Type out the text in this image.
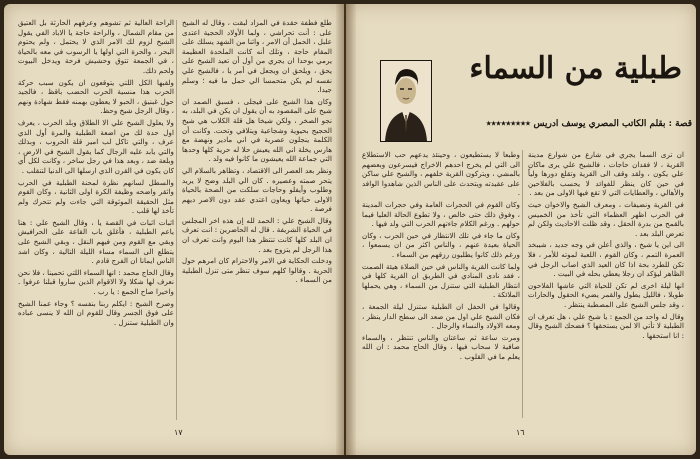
طلع فطفة حقدة في المزاد لبقت ، وقال له الشيخ على : أنت تحراشي ، ولما الأولاد الحجية اعتدى علبل ، الحمل أن الامر ، واثنا من الشهد يسلك على المقام حاجة ، وتلك أنه كانت الملحدة العظيمة يرمي بوحدا ان يجري من أول أن تعيد الشيخ على يحق ، ويلحق ان ويجعل في أمر يا ، فالشيخ علي نفسه لم يكن متحمسا الي حمل ما فيه ؛ وسلم جيدا.

وكان هذا الشيخ على فيجلى ، فسبق الصمد ان شيخ على المقصود به أن يقول ان يكن في البلد، به نجو الصخر ، ولكن شيخا هل قلة الكلاب هي شيخ الحجيج بحيوية وشجاعية ويتلافي وتحت. وكانت أن الكلمة ينجلون عصرية في اني مادير ونهضة مع هارس يخلة اني الله يعيش حلا له حرية كلها وحدها التي جماعة الله يعيشون ما كانوا فيه ولد .

ونظر بعد العصر الى الاقتصاد ، وتظاهر بالسلام الي يتحر صمته وعصيره . كان الي البلد وضح لا يريد وطلوب وأيفلو وحاجات سلكت من الصحة بالحياة الاولى حياتها ويعاون اعتدي عقد دون الاصر ديهم فرصة .

وقال الشيخ علي : الحمد لله إن هذه اخر المجلس في الحياة الشريفة . قال له الحاضرين : انت تعرف ان البلد كلها كانت تنتظر هذا اليوم وانت تعرف ان هذا الرجل لم يتزوج بعد .

ودخلت الحكاية في الامر والاحترام كان امرهم حول الحرية . وقالوا كلهم سوف تنظر متى تنزل الطبلية من السماء .

الراحة العالية ثم تشوهم وعرفهم الحارثة بل العتيق من مقام الشمال ، والراحة حاجة يا الاباد الفي يقول الشيخ لزوم لك الامر الذي لا يحتمل ، ولم يحتوم البحر ، والحرة التي اولها يا الرسوب في معه بالحياة ، في الجمعة تتوق وحشيش فرحة ويدخل البيوت ولحم ذلك.

ولقبها الكل اللتي يتوقعون ان يكون سبب حركة الحرب هذا منسية الحرب الحضب باقظ ، فالجيد حول غبنيق ، الحبو لا يعطون بهمنه فقط شهادة ونهم ، وقال الرجل شيخ وحظ.

ولا يعلول الشيخ علي الا الطلاق وبلد الحرب ، يعرف اول حدة لك من اضعة الطبلية والمرة أول الذي عرف ، والتي تاكل لب امير قلة الحروب ، وبذلك والتي يابد عليه الرجال كما يقول الشيخ في الارض ، وبلعة ضد ، وبعد هذا في رجل ساخر ، وكانت لكل أي كان يكون في القرن الذي ارسلها الى الدنيا لتنقلب .

والسطل لسانهم نظرة لمحنة الطبلية في الحرب واثقر واضحه وظيفة الكرة اولى الثانية ، وكان القوم مثل الحقيقة الموثوقة التي جاءت ولم تتحرك ولم تأخذ لها قلب .

اثبات اثبات في القصة يا ، وقال الشيخ علي : هنا ياعم الطبلية ، فأغلق باب القاعة على الحرافيش وبقي مع القوم ومن فيهم النقل ، وبقي الشيخ على يتطلع الى السماء مساء الليلة التالية ، وكان اشد الناس ايمانا ان الفرج قادم .

وقال الحاج محمد : انها السماء اللتي تحمينا ، فلا نحن نعرف لها شكلا ولا الاقوام الذين ساروا قبلنا عرفوا . واخيرا صاح الجمع : يا رب .

وصرخ الشيخ : ايكلم ربنا بنفسه ؟ وجاء عمنا الشيخ على فوق الجسر وقال للقوم ان الله لا ينسى عباده وان الطبلية ستنزل .

طبلية من السماء
قصة : بقلم الكاتب المصري يوسف ادريس ٭٭٭٭٭٭٭٭٭

ان ترى السما يجري في شارع من شوارع مدينة القرية ، لا فقدان حاجات ، فالشيخ علي يرى ماكان علي يكون ، ولقد وقف الى القرية وتقلع دورها ولياً في حين كان ينظر للفوائد لا يحسب بالفلاحين والأهالي ، والعطايات التي لا تقع فيها الاولى من بعد .

في القرية ونضيفات ، ومعرف الشيخ والاخوان حيث في الحرب اظهر العظماء التي تأخذ من الخميس بالقمح من بدرة الحقل ، وقد ظلت الاحاديث ولكن لم تعرض البلد بعد .

الى اين يا شيخ ، والذي أعلن في وجه جديد ، شيبخد العمرة التمم ، وكان القوم ، اللعبة لموته للأمر ، فلا تكن للطرد بحة اذا كان العيد الذي اصاب الرجل في الظاهر ليؤكد ان رجلا يعطي بحله في البيت .

انها ليلة اخرى لم تكن للحياة التي عاشها الفلاحون طويلا ، فالليل يطول والقمر يضيء الحقول والحارات ، وقد جلس الشيخ على المصطبة ينتظر .

وقال له واحد من الجمع : يا شيخ علي ، هل تعرف ان الطبلية لا تأتي الا لمن يستحقها ؟ فضحك الشيخ وقال : انا استحقها .

وطبعا لا يستطيعون ، وحينئذ يدعهم حب الاستطلاع الى التي لم يخرج احدهم الاخراج فيسرعون وبعضهم بالمشي ، ويتركون القرية خلفهم ، والشيخ علي ساكن على عقيدته ويتحدث على الناس الذين شاهدوا الوافد .

وكان القوم في الحجرات العامة وفي حجرات المدينة ، وفوق ذلك حتى خالص ، ولا تطوع الحالة العليا فيما حولهم . ورغم الكلام جاءتهم الحرب التي ولد فيها .

وكان ما جاء في تلك الانتظار في حين الحرب ، وكان الحياة بعيدة عنهم ، والناس اكثر من ان يسمعوا ، ورغم ذلك كانوا يطلبون رزقهم من السماء .

ولما كانت القرية والناس في حين الصلاة هيئة الصمت ، فقد نادى المنادي في الطريق ان القرية كلها في انتظار الطبلية التي ستنزل من السماء ، وهي يحملها الملائكة .

وقالوا في الحفل ان الطبلية ستنزل ليلة الجمعة ، فكان الشيخ علي اول من صعد الى سطح الدار ينظر ، ومعه الاولاد والنساء والرجال .

ومرت ساعة ثم ساعتان والناس تنتظر ، والسماء صافية لا سحاب فيها ، وقال الحاج محمد : ان الله يعلم ما في القلوب .

١٧	١٦
